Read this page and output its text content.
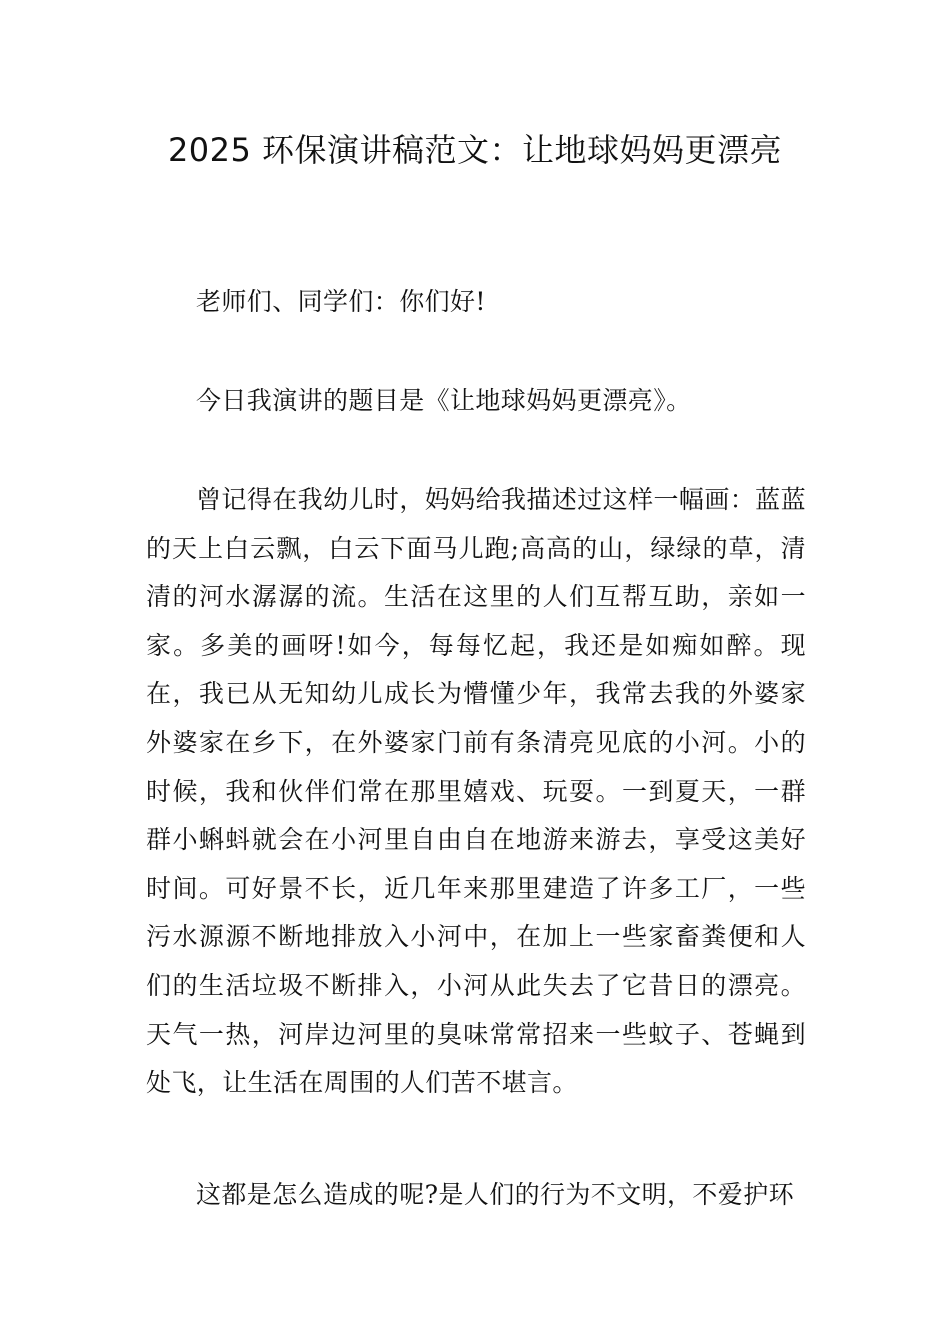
2025 环保演讲稿范文：让地球妈妈更漂亮

老师们、同学们：你们好!

今日我演讲的题目是《让地球妈妈更漂亮》。

曾记得在我幼儿时，妈妈给我描述过这样一幅画：蓝蓝的天上白云飘，白云下面马儿跑;高高的山，绿绿的草，清清的河水潺潺的流。生活在这里的人们互帮互助，亲如一家。多美的画呀!如今，每每忆起，我还是如痴如醉。现在，我已从无知幼儿成长为懵懂少年，我常去我的外婆家外婆家在乡下，在外婆家门前有条清亮见底的小河。小的时候，我和伙伴们常在那里嬉戏、玩耍。一到夏天，一群群小蝌蚪就会在小河里自由自在地游来游去，享受这美好时间。可好景不长，近几年来那里建造了许多工厂，一些污水源源不断地排放入小河中，在加上一些家畜粪便和人们的生活垃圾不断排入，小河从此失去了它昔日的漂亮。天气一热，河岸边河里的臭味常常招来一些蚊子、苍蝇到处飞，让生活在周围的人们苦不堪言。

这都是怎么造成的呢?是人们的行为不文明，不爱护环
